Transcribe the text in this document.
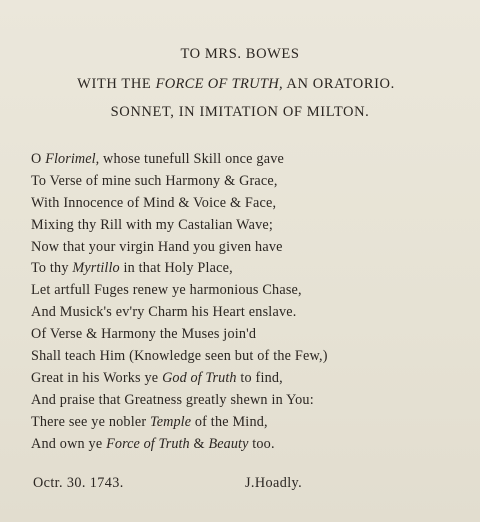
TO MRS. BOWES
WITH THE FORCE OF TRUTH, AN ORATORIO.
SONNET, IN IMITATION OF MILTON.
O Florimel, whose tunefull Skill once gave
To Verse of mine such Harmony & Grace,
With Innocence of Mind & Voice & Face,
Mixing thy Rill with my Castalian Wave;
Now that your virgin Hand you given have
To thy Myrtillo in that Holy Place,
Let artfull Fuges renew ye harmonious Chase,
And Musick's ev'ry Charm his Heart enslave.
Of Verse & Harmony the Muses join'd
Shall teach Him (Knowledge seen but of the Few,)
Great in his Works ye God of Truth to find,
And praise that Greatness greatly shewn in You:
There see ye nobler Temple of the Mind,
And own ye Force of Truth & Beauty too.
Octr. 30. 1743.	J.Hoadly.
